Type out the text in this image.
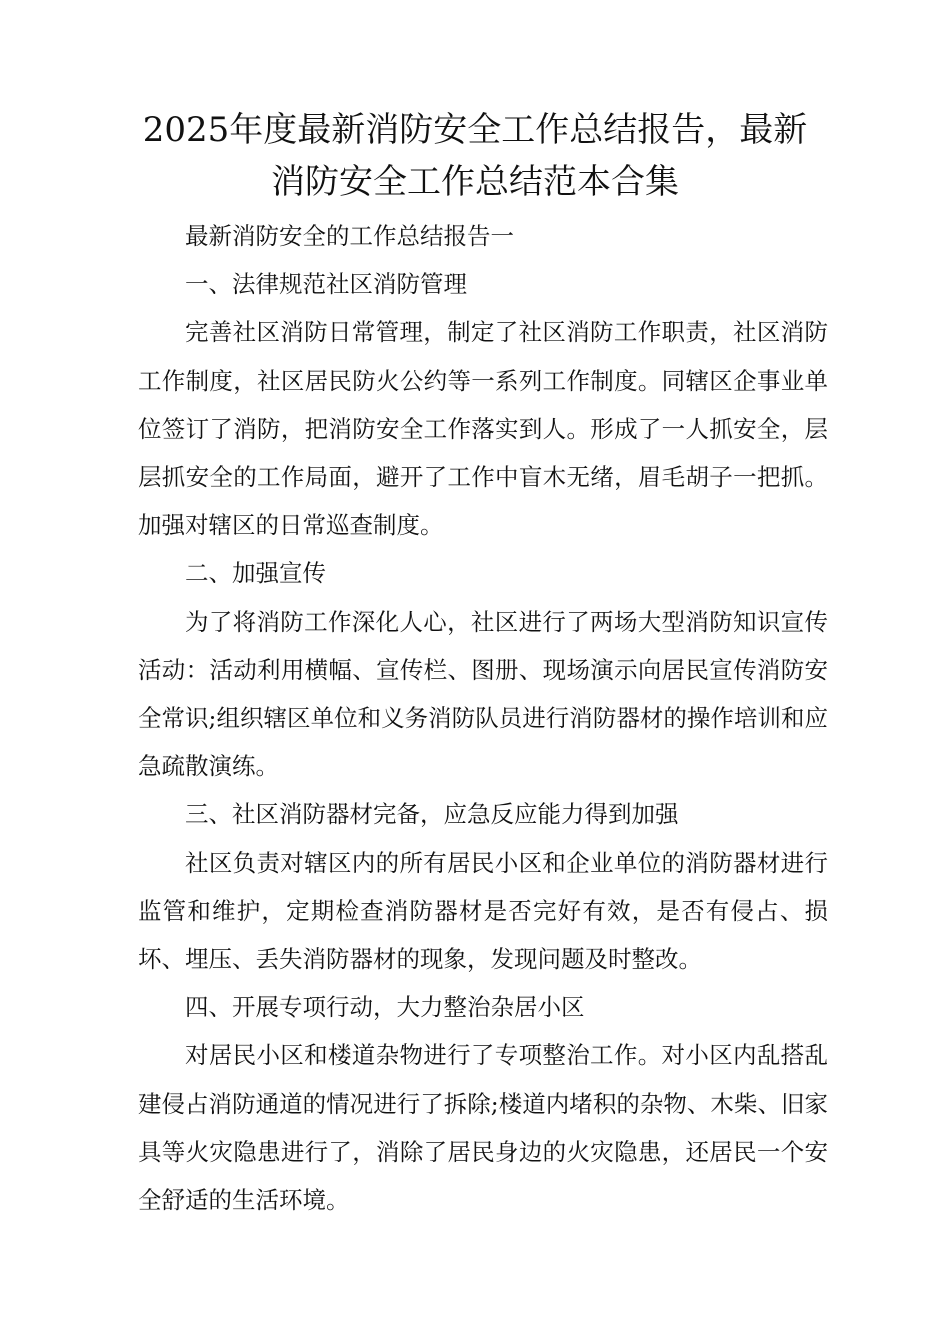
2025年度最新消防安全工作总结报告，最新
消防安全工作总结范本合集

最新消防安全的工作总结报告一

一、法律规范社区消防管理

完善社区消防日常管理，制定了社区消防工作职责，社区消防工作制度，社区居民防火公约等一系列工作制度。同辖区企事业单位签订了消防，把消防安全工作落实到人。形成了一人抓安全，层层抓安全的工作局面，避开了工作中盲木无绪，眉毛胡子一把抓。加强对辖区的日常巡查制度。

二、加强宣传

为了将消防工作深化人心，社区进行了两场大型消防知识宣传活动：活动利用横幅、宣传栏、图册、现场演示向居民宣传消防安全常识;组织辖区单位和义务消防队员进行消防器材的操作培训和应急疏散演练。

三、社区消防器材完备，应急反应能力得到加强

社区负责对辖区内的所有居民小区和企业单位的消防器材进行监管和维护，定期检查消防器材是否完好有效，是否有侵占、损坏、埋压、丢失消防器材的现象，发现问题及时整改。

四、开展专项行动，大力整治杂居小区

对居民小区和楼道杂物进行了专项整治工作。对小区内乱搭乱建侵占消防通道的情况进行了拆除;楼道内堵积的杂物、木柴、旧家具等火灾隐患进行了，消除了居民身边的火灾隐患，还居民一个安全舒适的生活环境。
